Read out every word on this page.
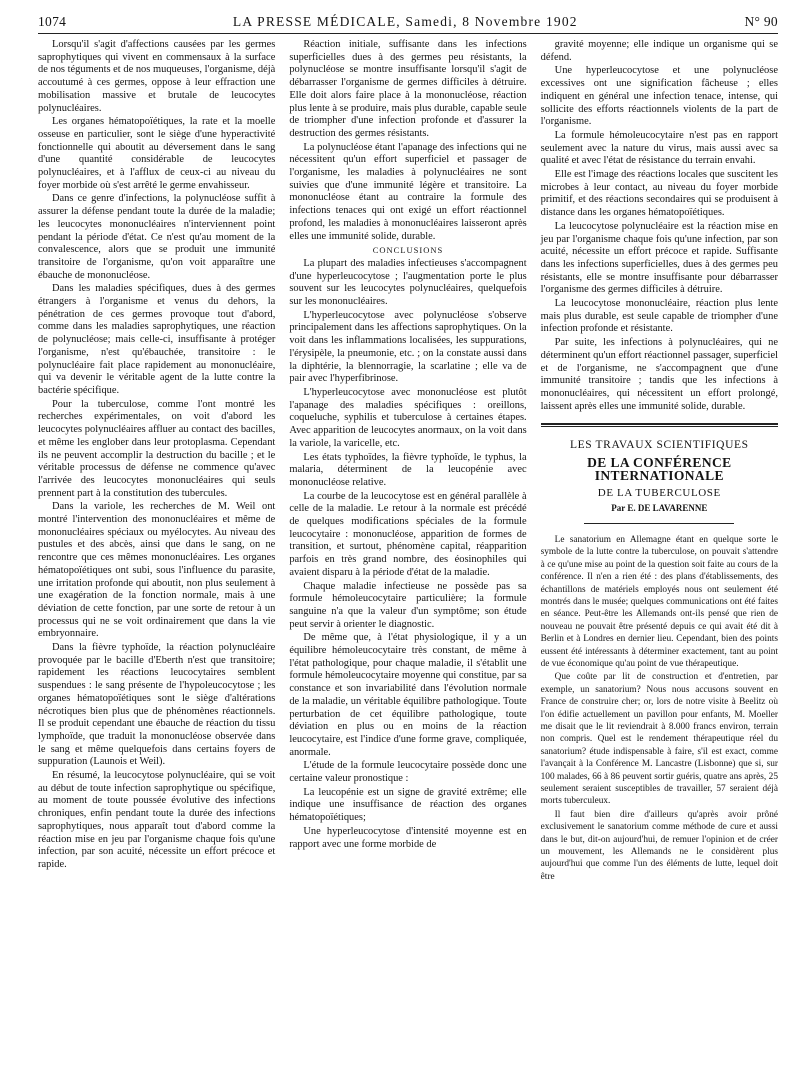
1074	LA PRESSE MÉDICALE, Samedi, 8 Novembre 1902	N° 90

Lorsqu'il s'agit d'affections causées par les germes saprophytiques qui vivent en commensaux à la surface de nos téguments et de nos muqueuses, l'organisme, déjà accoutumé à ces germes, oppose à leur effraction une mobilisation massive et brutale de leucocytes polynucléaires.

Les organes hématopoïétiques, la rate et la moelle osseuse en particulier, sont le siège d'une hyperactivité fonctionnelle qui aboutit au déversement dans le sang d'une quantité considérable de leucocytes polynucléaires, et à l'afflux de ceux-ci au niveau du foyer morbide où s'est arrêté le germe envahisseur.

Dans ce genre d'infections, la polynucléose suffit à assurer la défense pendant toute la durée de la maladie; les leucocytes mononucléaires n'interviennent point pendant la période d'état. Ce n'est qu'au moment de la convalescence, alors que se produit une immunité transitoire de l'organisme, qu'on voit apparaître une ébauche de mononucléose.

Dans les maladies spécifiques, dues à des germes étrangers à l'organisme et venus du dehors, la pénétration de ces germes provoque tout d'abord, comme dans les maladies saprophytiques, une réaction de polynucléose; mais celle-ci, insuffisante à protéger l'organisme, n'est qu'ébauchée, transitoire : le polynucléaire fait place rapidement au mononucléaire, qui va devenir le véritable agent de la lutte contre la bactérie spécifique.

Pour la tuberculose, comme l'ont montré les recherches expérimentales, on voit d'abord les leucocytes polynucléaires affluer au contact des bacilles, et même les englober dans leur protoplasma. Cependant ils ne peuvent accomplir la destruction du bacille ; et le véritable processus de défense ne commence qu'avec l'arrivée des leucocytes mononucléaires qui seuls prennent part à la constitution des tubercules.

Dans la variole, les recherches de M. Weil ont montré l'intervention des mononucléaires et même de mononucléaires spéciaux ou myélocytes. Au niveau des pustules et des abcès, ainsi que dans le sang, on ne rencontre que ces mêmes mononucléaires. Les organes hématopoïétiques ont subi, sous l'influence du parasite, une irritation profonde qui aboutit, non plus seulement à une exagération de la fonction normale, mais à une déviation de cette fonction, par une sorte de retour à un processus qui ne se voit ordinairement que dans la vie embryonnaire.

Dans la fièvre typhoïde, la réaction polynucléaire provoquée par le bacille d'Eberth n'est que transitoire; rapidement les réactions leucocytaires semblent suspendues : le sang présente de l'hypoleucocytose ; les organes hématopoïétiques sont le siège d'altérations nécrotiques bien plus que de phénomènes réactionnels. Il se produit cependant une ébauche de réaction du tissu lymphoïde, que traduit la mononucléose observée dans le sang et même quelquefois dans certains foyers de suppuration (Launois et Weil).

En résumé, la leucocytose polynucléaire, qui se voit au début de toute infection saprophytique ou spécifique, au moment de toute poussée évolutive des infections chroniques, enfin pendant toute la durée des infections saprophytiques, nous apparaît tout d'abord comme la réaction mise en jeu par l'organisme chaque fois qu'une infection, par son acuité, nécessite un effort précoce et rapide.

Réaction initiale, suffisante dans les infections superficielles dues à des germes peu résistants, la polynucléose se montre insuffisante lorsqu'il s'agit de débarrasser l'organisme de germes difficiles à détruire. Elle doit alors faire place à la mononucléose, réaction plus lente à se produire, mais plus durable, capable seule de triompher d'une infection profonde et d'assurer la destruction des germes résistants.

La polynucléose étant l'apanage des infections qui ne nécessitent qu'un effort superficiel et passager de l'organisme, les maladies à polynucléaires ne sont suivies que d'une immunité légère et transitoire. La mononucléose étant au contraire la formule des infections tenaces qui ont exigé un effort réactionnel profond, les maladies à mononucléaires laisseront après elles une immunité solide, durable.

CONCLUSIONS

La plupart des maladies infectieuses s'accompagnent d'une hyperleucocytose ; l'augmentation porte le plus souvent sur les leucocytes polynucléaires, quelquefois sur les mononucléaires.

L'hyperleucocytose avec polynucléose s'observe principalement dans les affections saprophytiques. On la voit dans les inflammations localisées, les suppurations, l'érysipèle, la pneumonie, etc. ; on la constate aussi dans la diphtérie, la blennorragie, la scarlatine ; elle va de pair avec l'hyperfibrinose.

L'hyperleucocytose avec mononucléose est plutôt l'apanage des maladies spécifiques : oreillons, coqueluche, syphilis et tuberculose à certaines étapes. Avec apparition de leucocytes anormaux, on la voit dans la variole, la varicelle, etc.

Les états typhoïdes, la fièvre typhoïde, le typhus, la malaria, déterminent de la leucopénie avec mononucléose relative.

La courbe de la leucocytose est en général parallèle à celle de la maladie. Le retour à la normale est précédé de quelques modifications spéciales de la formule leucocytaire : mononucléose, apparition de formes de transition, et surtout, phénomène capital, réapparition parfois en très grand nombre, des éosinophiles qui avaient disparu à la période d'état de la maladie.

Chaque maladie infectieuse ne possède pas sa formule hémoleucocytaire particulière; la formule sanguine n'a que la valeur d'un symptôme; son étude peut servir à orienter le diagnostic.

De même que, à l'état physiologique, il y a un équilibre hémoleucocytaire très constant, de même à l'état pathologique, pour chaque maladie, il s'établit une formule hémoleucocytaire moyenne qui constitue, par sa constance et son invariabilité dans l'évolution normale de la maladie, un véritable équilibre pathologique. Toute perturbation de cet équilibre pathologique, toute déviation en plus ou en moins de la réaction leucocytaire, est l'indice d'une forme grave, compliquée, anormale.

L'étude de la formule leucocytaire possède donc une certaine valeur pronostique :

La leucopénie est un signe de gravité extrême; elle indique une insuffisance de réaction des organes hématopoïétiques;

Une hyperleucocytose d'intensité moyenne est en rapport avec une forme morbide de

gravité moyenne; elle indique un organisme qui se défend.

Une hyperleucocytose et une polynucléose excessives ont une signification fâcheuse ; elles indiquent en général une infection tenace, intense, qui sollicite des efforts réactionnels violents de la part de l'organisme.

La formule hémoleucocytaire n'est pas en rapport seulement avec la nature du virus, mais aussi avec sa qualité et avec l'état de résistance du terrain envahi.

Elle est l'image des réactions locales que suscitent les microbes à leur contact, au niveau du foyer morbide primitif, et des réactions secondaires qui se produisent à distance dans les organes hématopoïétiques.

La leucocytose polynucléaire est la réaction mise en jeu par l'organisme chaque fois qu'une infection, par son acuité, nécessite un effort précoce et rapide. Suffisante dans les infections superficielles, dues à des germes peu résistants, elle se montre insuffisante pour débarrasser l'organisme des germes difficiles à détruire.

La leucocytose mononucléaire, réaction plus lente mais plus durable, est seule capable de triompher d'une infection profonde et résistante.

Par suite, les infections à polynucléaires, qui ne déterminent qu'un effort réactionnel passager, superficiel et de l'organisme, ne s'accompagnent que d'une immunité transitoire ; tandis que les infections à mononucléaires, qui nécessitent un effort prolongé, laissent après elles une immunité solide, durable.

LES TRAVAUX SCIENTIFIQUES
DE LA CONFÉRENCE INTERNATIONALE
DE LA TUBERCULOSE
Par E. DE LAVARENNE

Le sanatorium en Allemagne étant en quelque sorte le symbole de la lutte contre la tuberculose, on pouvait s'attendre à ce qu'une mise au point de la question soit faite au cours de la conférence. Il n'en a rien été : des plans d'établissements, des échantillons de matériels employés nous ont seulement été montrés dans le musée; quelques communications ont été faites en séance. Peut-être les Allemands ont-ils pensé que rien de nouveau ne pouvait être présenté depuis ce qui avait été dit à Berlin et à Londres en dernier lieu. Cependant, bien des points eussent été intéressants à déterminer exactement, tant au point de vue économique qu'au point de vue thérapeutique.

Que coûte par lit de construction et d'entretien, par exemple, un sanatorium? Nous nous accusons souvent en France de construire cher; or, lors de notre visite à Beelitz où l'on édifie actuellement un pavillon pour enfants, M. Moeller me disait que le lit reviendrait à 8.000 francs environ, terrain non compris. Quel est le rendement thérapeutique réel du sanatorium? étude indispensable à faire, s'il est exact, comme l'avançait à la Conférence M. Lancastre (Lisbonne) que si, sur 100 malades, 66 à 86 peuvent sortir guéris, quatre ans après, 25 seulement seraient susceptibles de travailler, 57 seraient déjà morts tuberculeux.

Il faut bien dire d'ailleurs qu'après avoir prôné exclusivement le sanatorium comme méthode de cure et aussi dans le but, dit-on aujourd'hui, de remuer l'opinion et de créer un mouvement, les Allemands ne le considèrent plus aujourd'hui que comme l'un des éléments de lutte, lequel doit être
